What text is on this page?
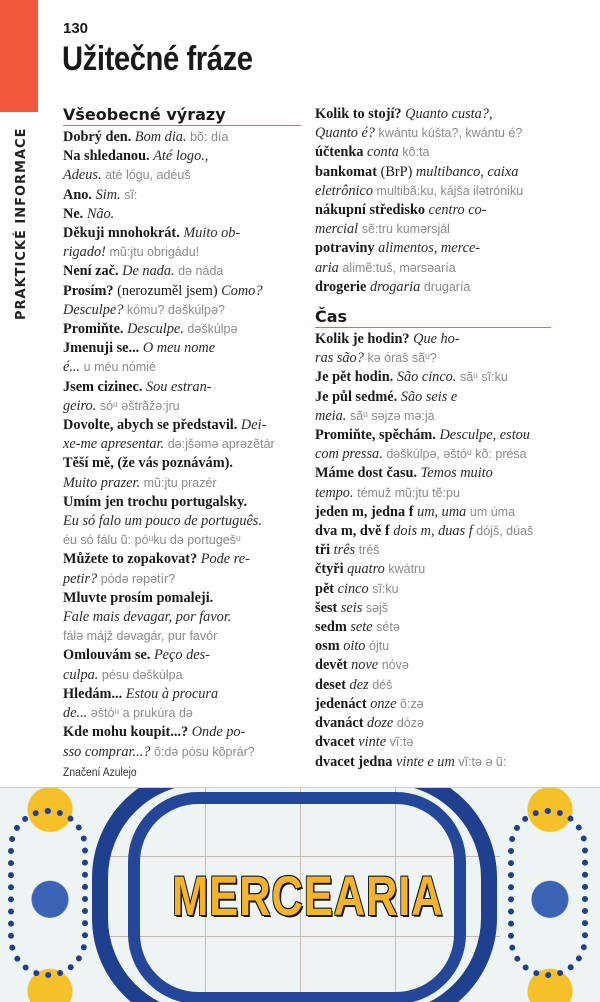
PRAKTICKÉ INFORMACE
130
Užitečné fráze
Všeobecné výrazy
Dobrý den. Bom dia. bõ: día
Na shledanou. Até logo.,
Adeus. até lógu, adéuš
Ano. Sim. sĩ:
Ne. Não.
Děkuji mnohokrát. Muito ob-
rigado! mũ:jtu obrigádu!
Není zač. De nada. də náda
Prosím? (nerozuměl jsem) Como?
Desculpe? kómu? dəškúlpə?
Promiňte. Desculpe. dəškúlpə
Jmenuji se... O meu nome
é... u méu nómié
Jsem cizinec. Sou estran-
geiro. sóᵘ əštrãžə:jru
Dovolte, abych se představil. Dei-
xe-me apresentar. də:jšəmə aprəzẽtár
Těší mě, (že vás poznávám).
Muito prazer. mũ:jtu prazér
Umím jen trochu portugalsky.
Eu só falo um pouco de português.
éu só fálu ũ: póᵘku də portugešᵘ
Můžete to zopakovat? Pode re-
petir? pódə rəpətír?
Mluvte prosím pomaleji.
Fale mais devagar, por favor.
fálə májž dəvagár, pur favór
Omlouvám se. Peço des-
culpa. pésu dəškúlpa
Hledám... Estou à procura
de... əštóᵘ a prukúra də
Kde mohu koupit...? Onde po-
sso comprar...? õ:də pósu kõprár?
Kolik to stojí? Quanto custa?,
Quanto é? kwántu kúšta?, kwántu é?
účtenka conta kõ:ta
bankomat (BrP) multibanco, caixa
eletrônico multibã:ku, kájša ilətróniku
nákupní středisko centro co-
mercial sẽ:tru kumərsjál
potraviny alimentos, merce-
aria alimẽ:tuš, mərsəaría
drogerie drogaria drugaría
Čas
Kolik je hodin? Que ho-
ras são? kə óraš sãᵘ?
Je pět hodin. São cinco. sãᵘ sĩ:ku
Je půl sedmé. São seis e
meia. sãᵘ səjzə mə:ja
Promiňte, spěchám. Desculpe, estou
com pressa. dəškúlpə, əštóᵘ kõ: présa
Máme dost času. Temos muito
tempo. témuž mũ:jtu tẽ:pu
jeden m, jedna f um, uma um úma
dva m, dvě f dois m, duas f dójš, dúaš
tři três tréš
čtyři quatro kwátru
pět cinco sĩ:ku
šest seis səjš
sedm sete sétə
osm oito ójtu
devět nove nóvə
deset dez déš
jedenáct onze õ:zə
dvanáct doze dózə
dvacet vinte vĩ:tə
dvacet jedna vinte e um vĩ:tə ə ũ:
Značení Azulejo
MERCEARIA
